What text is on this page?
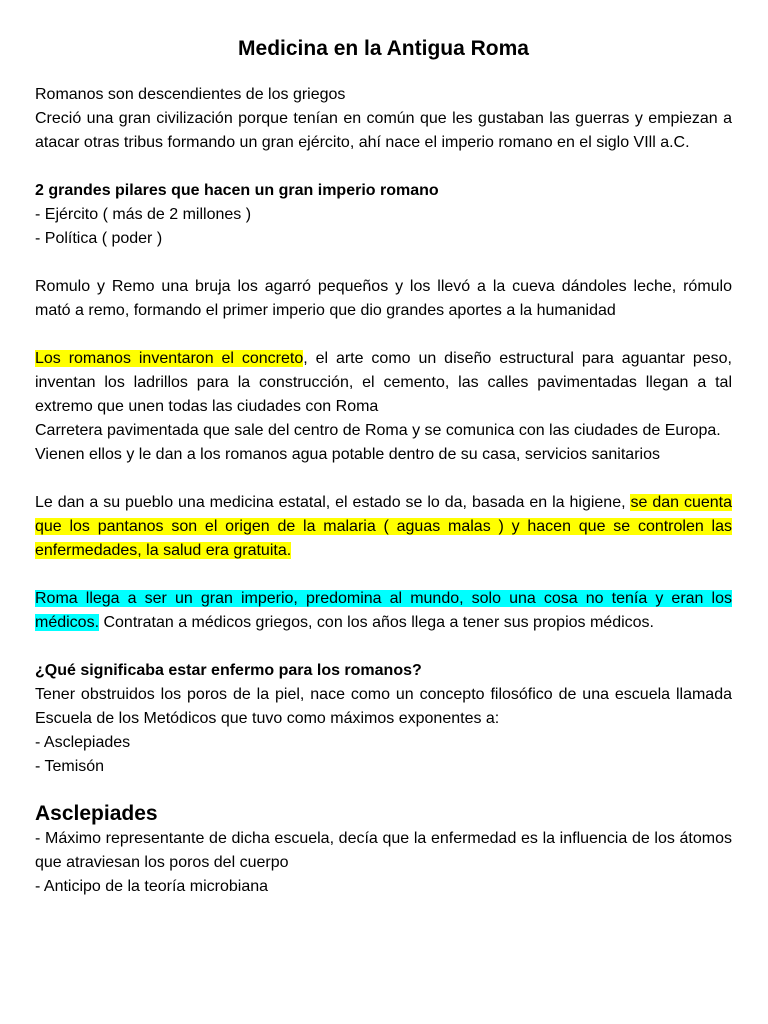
Medicina en la Antigua Roma

Romanos son descendientes de los griegos

Creció una gran civilización porque tenían en común que les gustaban las guerras y empiezan a atacar otras tribus formando un gran ejército, ahí nace el imperio romano en el siglo VIll a.C.

2 grandes pilares que hacen un gran imperio romano

- Ejército ( más de 2 millones )

- Política ( poder )

Romulo y Remo una bruja los agarró pequeños y los llevó a la cueva dándoles leche, rómulo mató a remo, formando el primer imperio que dio grandes aportes a la humanidad

Los romanos inventaron el concreto, el arte como un diseño estructural para aguantar peso, inventan los ladrillos para la construcción, el cemento, las calles pavimentadas llegan a tal extremo que unen todas las ciudades con Roma

Carretera pavimentada que sale del centro de Roma y se comunica con las ciudades de Europa.

Vienen ellos y le dan a los romanos agua potable dentro de su casa, servicios sanitarios

Le dan a su pueblo una medicina estatal, el estado se lo da, basada en la higiene, se dan cuenta que los pantanos son el origen de la malaria ( aguas malas ) y hacen que se controlen las enfermedades, la salud era gratuita.

Roma llega a ser un gran imperio, predomina al mundo, solo una cosa no tenía y eran los médicos. Contratan a médicos griegos, con los años llega a tener sus propios médicos.

¿Qué significaba estar enfermo para los romanos?

Tener obstruidos los poros de la piel, nace como un concepto filosófico de una escuela llamada Escuela de los Metódicos que tuvo como máximos exponentes a:

- Asclepiades

- Temisón

Asclepiades

- Máximo representante de dicha escuela, decía que la enfermedad es la influencia de los átomos que atraviesan los poros del cuerpo

- Anticipo de la teoría microbiana
